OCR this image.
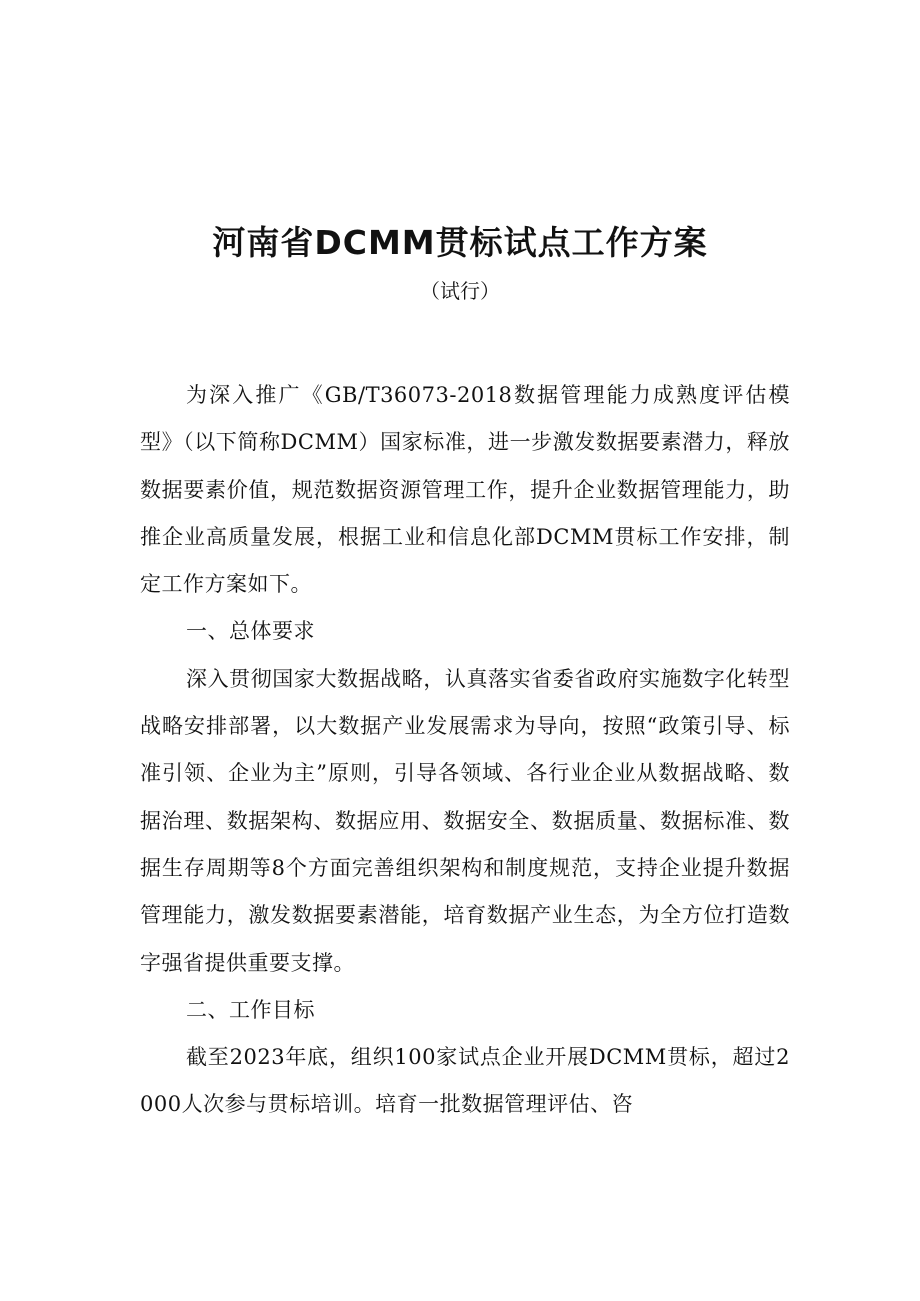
河南省DCMM贯标试点工作方案
（试行）

为深入推广《GB/T36073-2018数据管理能力成熟度评估模型》（以下简称DCMM）国家标准，进一步激发数据要素潜力，释放数据要素价值，规范数据资源管理工作，提升企业数据管理能力，助推企业高质量发展，根据工业和信息化部DCMM贯标工作安排，制定工作方案如下。

一、总体要求

深入贯彻国家大数据战略，认真落实省委省政府实施数字化转型战略安排部署，以大数据产业发展需求为导向，按照“政策引导、标准引领、企业为主”原则，引导各领域、各行业企业从数据战略、数据治理、数据架构、数据应用、数据安全、数据质量、数据标准、数据生存周期等8个方面完善组织架构和制度规范，支持企业提升数据管理能力，激发数据要素潜能，培育数据产业生态，为全方位打造数字强省提供重要支撑。

二、工作目标

截至2023年底，组织100家试点企业开展DCMM贯标，超过2000人次参与贯标培训。培育一批数据管理评估、咨
